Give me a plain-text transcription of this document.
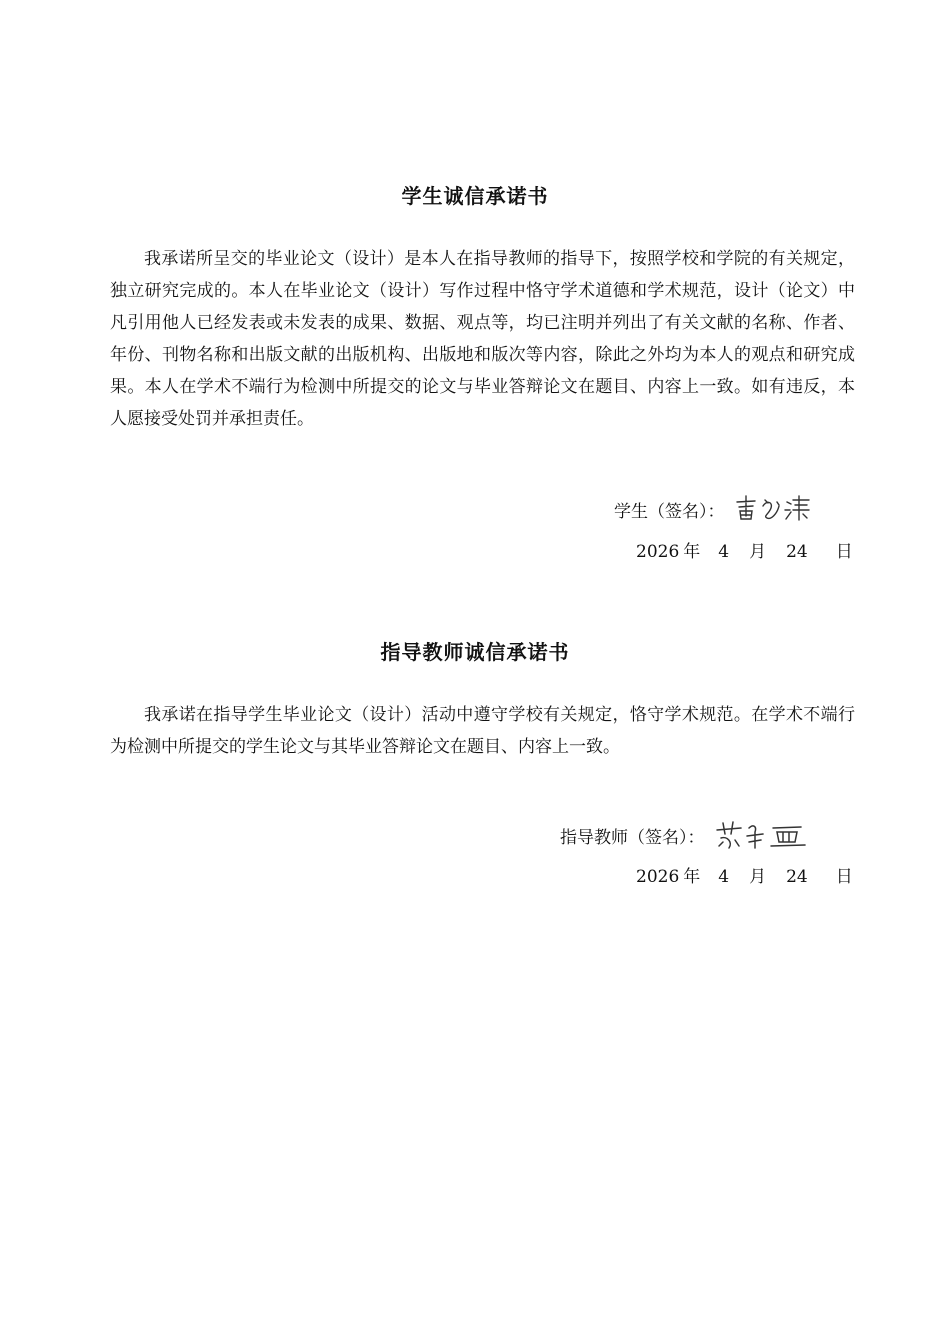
学生诚信承诺书
我承诺所呈交的毕业论文（设计）是本人在指导教师的指导下，按照学校和学院的有关规定，独立研究完成的。本人在毕业论文（设计）写作过程中恪守学术道德和学术规范，设计（论文）中凡引用他人已经发表或未发表的成果、数据、观点等，均已注明并列出了有关文献的名称、作者、年份、刊物名称和出版文献的出版机构、出版地和版次等内容，除此之外均为本人的观点和研究成果。本人在学术不端行为检测中所提交的论文与毕业答辩论文在题目、内容上一致。如有违反，本人愿接受处罚并承担责任。
学生（签名）：
2026 年 4 月 24 日
指导教师诚信承诺书
我承诺在指导学生毕业论文（设计）活动中遵守学校有关规定，恪守学术规范。在学术不端行为检测中所提交的学生论文与其毕业答辩论文在题目、内容上一致。
指导教师（签名）：
2026 年 4 月 24 日
